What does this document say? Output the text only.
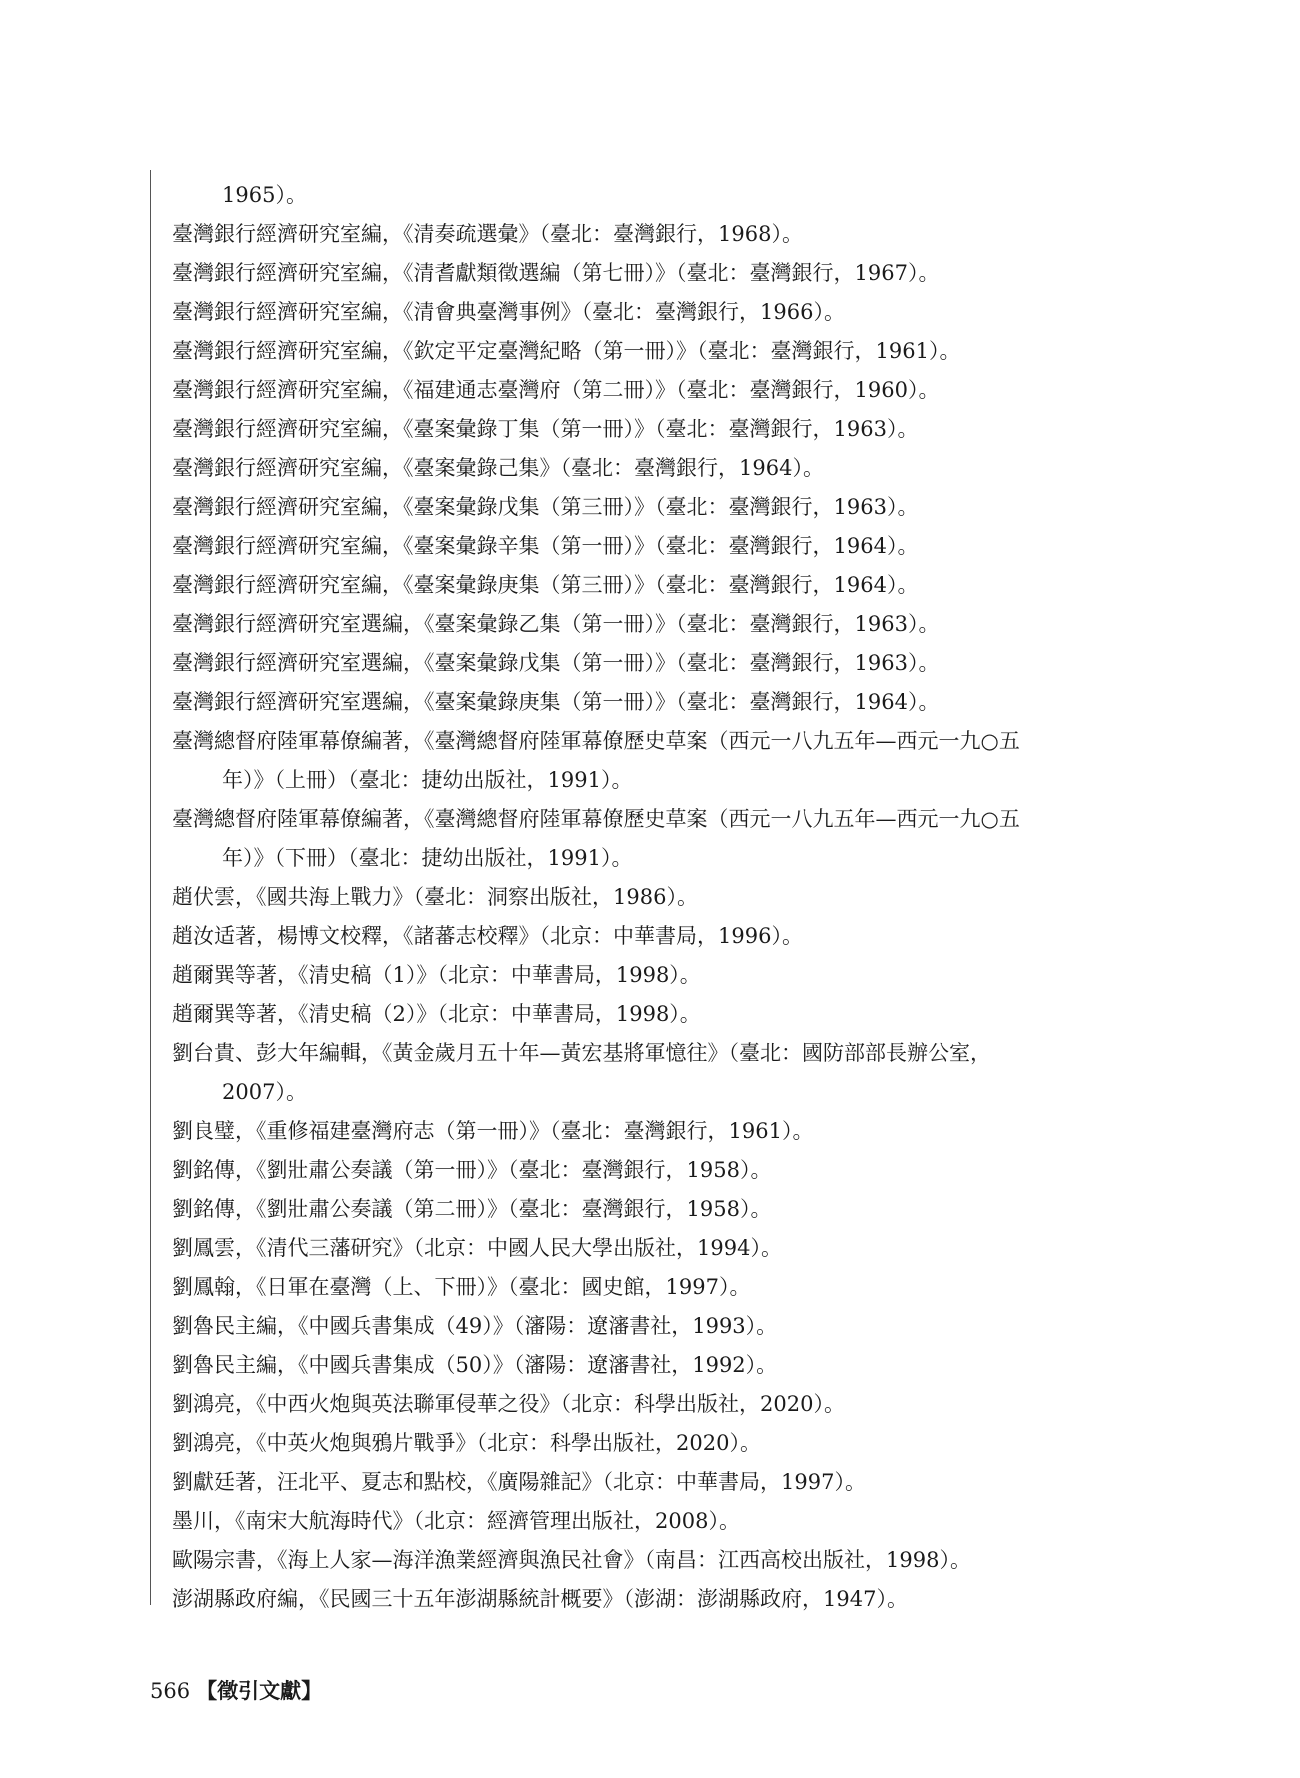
1965）。
臺灣銀行經濟研究室編，《清奏疏選彙》（臺北：臺灣銀行，1968）。
臺灣銀行經濟研究室編，《清耆獻類徵選編（第七冊）》（臺北：臺灣銀行，1967）。
臺灣銀行經濟研究室編，《清會典臺灣事例》（臺北：臺灣銀行，1966）。
臺灣銀行經濟研究室編，《欽定平定臺灣紀略（第一冊）》（臺北：臺灣銀行，1961）。
臺灣銀行經濟研究室編，《福建通志臺灣府（第二冊）》（臺北：臺灣銀行，1960）。
臺灣銀行經濟研究室編，《臺案彙錄丁集（第一冊）》（臺北：臺灣銀行，1963）。
臺灣銀行經濟研究室編，《臺案彙錄己集》（臺北：臺灣銀行，1964）。
臺灣銀行經濟研究室編，《臺案彙錄戊集（第三冊）》（臺北：臺灣銀行，1963）。
臺灣銀行經濟研究室編，《臺案彙錄辛集（第一冊）》（臺北：臺灣銀行，1964）。
臺灣銀行經濟研究室編，《臺案彙錄庚集（第三冊）》（臺北：臺灣銀行，1964）。
臺灣銀行經濟研究室選編，《臺案彙錄乙集（第一冊）》（臺北：臺灣銀行，1963）。
臺灣銀行經濟研究室選編，《臺案彙錄戊集（第一冊）》（臺北：臺灣銀行，1963）。
臺灣銀行經濟研究室選編，《臺案彙錄庚集（第一冊）》（臺北：臺灣銀行，1964）。
臺灣總督府陸軍幕僚編著，《臺灣總督府陸軍幕僚歷史草案（西元一八九五年—西元一九○五
年）》（上冊）（臺北：捷幼出版社，1991）。
臺灣總督府陸軍幕僚編著，《臺灣總督府陸軍幕僚歷史草案（西元一八九五年—西元一九○五
年）》（下冊）（臺北：捷幼出版社，1991）。
趙伏雲，《國共海上戰力》（臺北：洞察出版社，1986）。
趙汝适著，楊博文校釋，《諸蕃志校釋》（北京：中華書局，1996）。
趙爾巽等著，《清史稿（1）》（北京：中華書局，1998）。
趙爾巽等著，《清史稿（2）》（北京：中華書局，1998）。
劉台貴、彭大年編輯，《黃金歲月五十年—黃宏基將軍憶往》（臺北：國防部部長辦公室，
2007）。
劉良璧，《重修福建臺灣府志（第一冊）》（臺北：臺灣銀行，1961）。
劉銘傳，《劉壯肅公奏議（第一冊）》（臺北：臺灣銀行，1958）。
劉銘傳，《劉壯肅公奏議（第二冊）》（臺北：臺灣銀行，1958）。
劉鳳雲，《清代三藩研究》（北京：中國人民大學出版社，1994）。
劉鳳翰，《日軍在臺灣（上、下冊）》（臺北：國史館，1997）。
劉魯民主編，《中國兵書集成（49）》（瀋陽：遼瀋書社，1993）。
劉魯民主編，《中國兵書集成（50）》（瀋陽：遼瀋書社，1992）。
劉鴻亮，《中西火炮與英法聯軍侵華之役》（北京：科學出版社，2020）。
劉鴻亮，《中英火炮與鴉片戰爭》（北京：科學出版社，2020）。
劉獻廷著，汪北平、夏志和點校，《廣陽雜記》（北京：中華書局，1997）。
墨川，《南宋大航海時代》（北京：經濟管理出版社，2008）。
歐陽宗書，《海上人家—海洋漁業經濟與漁民社會》（南昌：江西高校出版社，1998）。
澎湖縣政府編，《民國三十五年澎湖縣統計概要》（澎湖：澎湖縣政府，1947）。
566 【徵引文獻】
